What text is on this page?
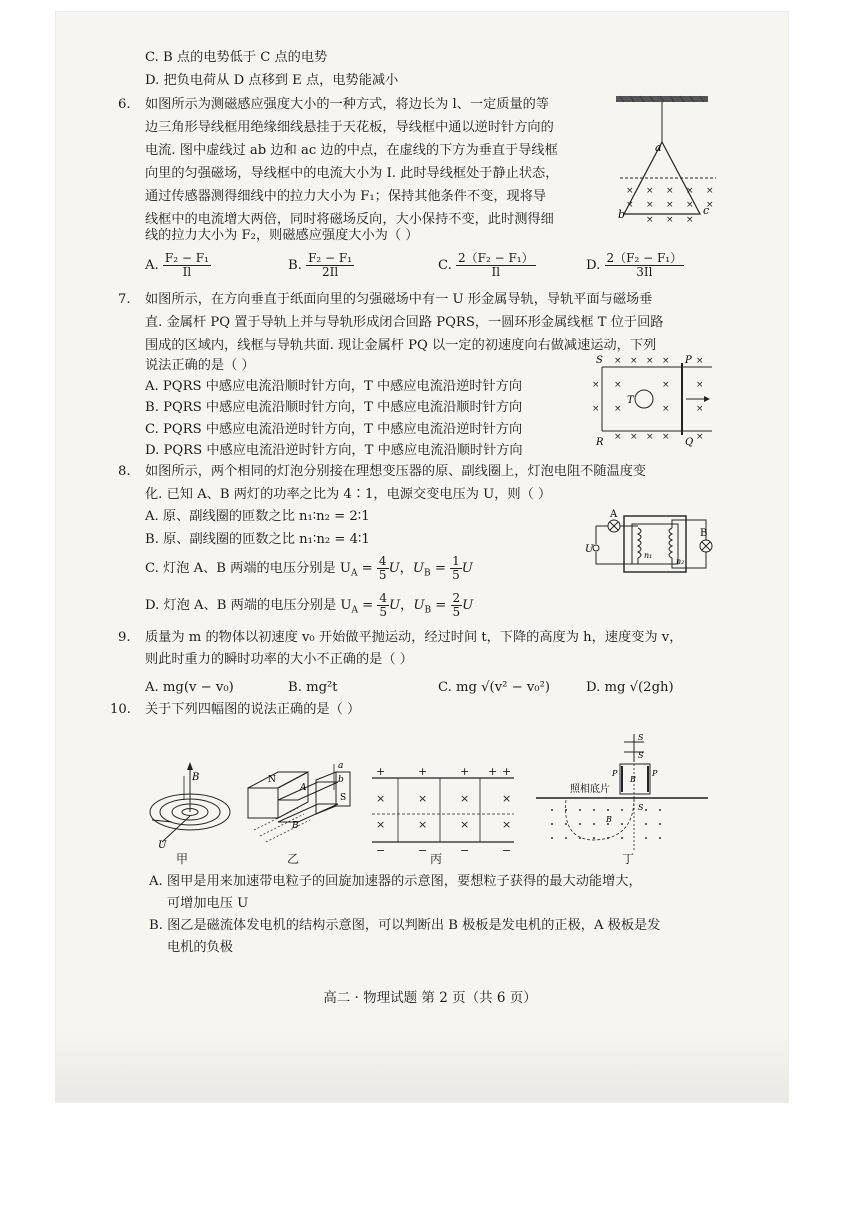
C. B 点的电势低于 C 点的电势
D. 把负电荷从 D 点移到 E 点，电势能减小
6. 如图所示为测磁感应强度大小的一种方式，将边长为 l、一定质量的等
边三角形导线框用绝缘细线悬挂于天花板，导线框中通以逆时针方向的
电流. 图中虚线过 ab 边和 ac 边的中点，在虚线的下方为垂直于导线框
向里的匀强磁场，导线框中的电流大小为 I. 此时导线框处于静止状态，
通过传感器测得细线中的拉力大小为 F₁；保持其他条件不变，现将导
线框中的电流增大两倍，同时将磁场反向，大小保持不变，此时测得细
线的拉力大小为 F₂，则磁感应强度大小为（ ）
A. $\frac{\text{F₂ − F₁}}{Il}$	B. $\frac{\text{F₂ − F₁}}{2Il}$	C. $\frac{\text{2（F₂ − F₁）}}{Il}$	D. $\frac{\text{2（F₂ − F₁）}}{3Il}$
× × × × ×
× × × × ×
× × ×
a
b	c
7. 如图所示，在方向垂直于纸面向里的匀强磁场中有一 U 形金属导轨，导轨平面与磁场垂
直. 金属杆 PQ 置于导轨上并与导轨形成闭合回路 PQRS，一圆环形金属线框 T 位于回路
围成的区域内，线框与导轨共面. 现让金属杆 PQ 以一定的初速度向右做减速运动，下列
说法正确的是（ ）
A. PQRS 中感应电流沿顺时针方向，T 中感应电流沿逆时针方向
B. PQRS 中感应电流沿顺时针方向，T 中感应电流沿顺时针方向
C. PQRS 中感应电流沿逆时针方向，T 中感应电流沿逆时针方向
D. PQRS 中感应电流沿逆时针方向，T 中感应电流沿顺时针方向
× × × ×	×
× ×	×	×
× ×	×	×
× × × ×	×
S	P
R	Q
T
8. 如图所示，两个相同的灯泡分别接在理想变压器的原、副线圈上，灯泡电阻不随温度变
化. 已知 A、B 两灯的功率之比为 4∶1，电源交变电压为 U，则（ ）
A. 原、副线圈的匝数之比 n₁∶n₂ = 2∶1
B. 原、副线圈的匝数之比 n₁∶n₂ = 4∶1
C. 灯泡 A、B 两端的电压分别是 $U_A = \frac{4}{5}$ U，$U_B = \frac{1}{5}$ U
D. 灯泡 A、B 两端的电压分别是 $U_A = \frac{4}{5}$ U，$U_B = \frac{2}{5}$ U
A
B
U
n₁
n₂
9. 质量为 m 的物体以初速度 v₀ 开始做平抛运动，经过时间 t，下降的高度为 h，速度变为 v，
则此时重力的瞬时功率的大小不正确的是（ ）
A. mg(v − v₀)	B. mg²t	C. mg √(v² − v₀²)	D. mg √(2gh)
10. 关于下列四幅图的说法正确的是（ ）
B
U
甲
a
b
N
A
B
S
乙
+	+	+ + +
−	−	−	−
×	×	×	×
×	×	×	×
丙
S
S
P	P
B
S
B
照相底片
丁
A. 图甲是用来加速带电粒子的回旋加速器的示意图，要想粒子获得的最大动能增大，
可增加电压 U
B. 图乙是磁流体发电机的结构示意图，可以判断出 B 极板是发电机的正极，A 极板是发
电机的负极
高二 · 物理试题 第 2 页（共 6 页）
